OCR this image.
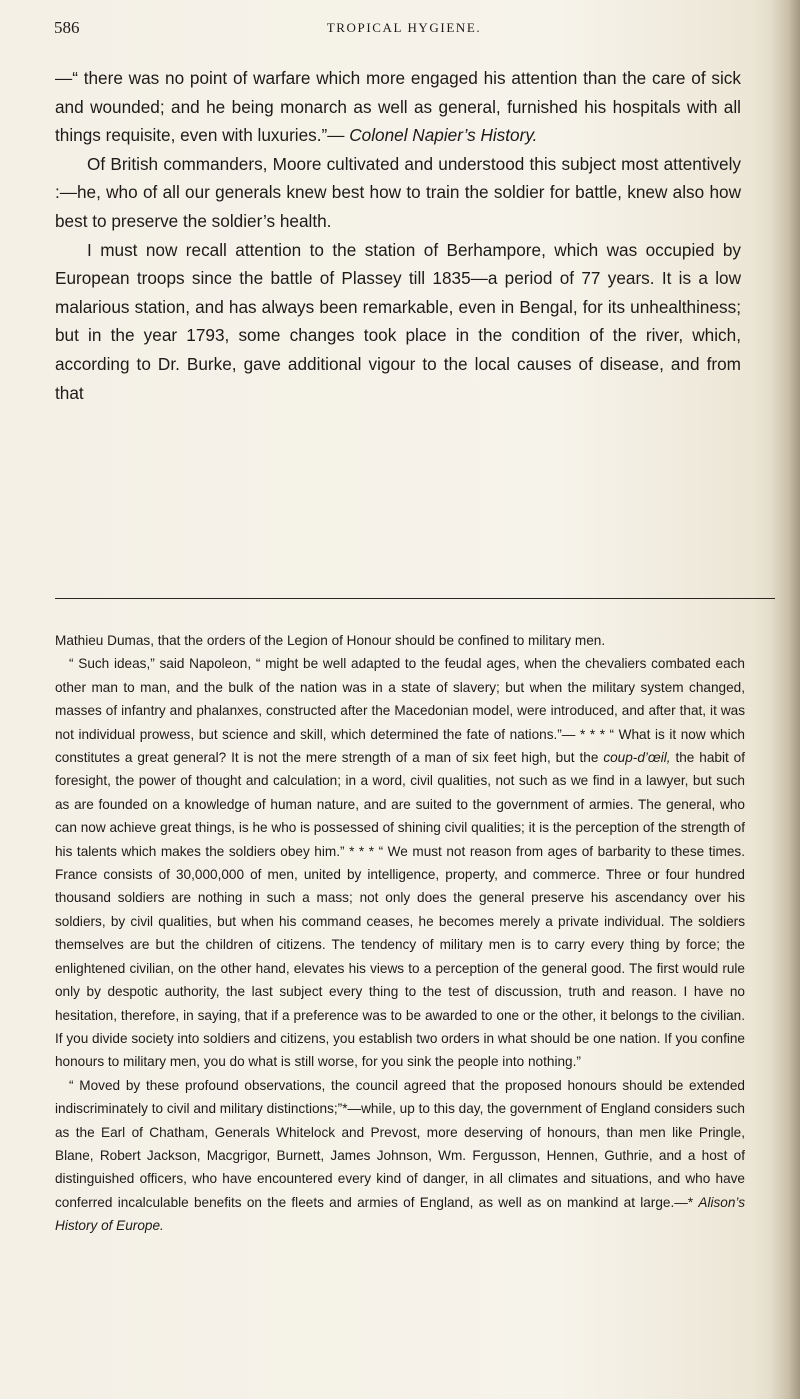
586	TROPICAL HYGIENE.

—“ there was no point of warfare which more engaged his attention than the care of sick and wounded; and he being monarch as well as general, furnished his hospitals with all things requisite, even with luxuries.”— Colonel Napier’s History.

Of British commanders, Moore cultivated and understood this subject most attentively :—he, who of all our generals knew best how to train the soldier for battle, knew also how best to preserve the soldier’s health.

I must now recall attention to the station of Berhampore, which was occupied by European troops since the battle of Plassey till 1835—a period of 77 years. It is a low malarious station, and has always been remarkable, even in Bengal, for its unhealthiness; but in the year 1793, some changes took place in the condition of the river, which, according to Dr. Burke, gave additional vigour to the local causes of disease, and from that

Mathieu Dumas, that the orders of the Legion of Honour should be confined to military men.

“ Such ideas,” said Napoleon, “ might be well adapted to the feudal ages, when the chevaliers combated each other man to man, and the bulk of the nation was in a state of slavery; but when the military system changed, masses of infantry and phalanxes, constructed after the Macedonian model, were introduced, and after that, it was not individual prowess, but science and skill, which determined the fate of nations.”— * * * “ What is it now which constitutes a great general? It is not the mere strength of a man of six feet high, but the coup-d’œil, the habit of foresight, the power of thought and calculation; in a word, civil qualities, not such as we find in a lawyer, but such as are founded on a knowledge of human nature, and are suited to the government of armies. The general, who can now achieve great things, is he who is possessed of shining civil qualities; it is the perception of the strength of his talents which makes the soldiers obey him.” * * * “ We must not reason from ages of barbarity to these times. France consists of 30,000,000 of men, united by intelligence, property, and commerce. Three or four hundred thousand soldiers are nothing in such a mass; not only does the general preserve his ascendancy over his soldiers, by civil qualities, but when his command ceases, he becomes merely a private individual. The soldiers themselves are but the children of citizens. The tendency of military men is to carry every thing by force; the enlightened civilian, on the other hand, elevates his views to a perception of the general good. The first would rule only by despotic authority, the last subject every thing to the test of discussion, truth and reason. I have no hesitation, therefore, in saying, that if a preference was to be awarded to one or the other, it belongs to the civilian. If you divide society into soldiers and citizens, you establish two orders in what should be one nation. If you confine honours to military men, you do what is still worse, for you sink the people into nothing.”

“ Moved by these profound observations, the council agreed that the proposed honours should be extended indiscriminately to civil and military distinctions;”*—while, up to this day, the government of England considers such as the Earl of Chatham, Generals Whitelock and Prevost, more deserving of honours, than men like Pringle, Blane, Robert Jackson, Macgrigor, Burnett, James Johnson, Wm. Fergusson, Hennen, Guthrie, and a host of distinguished officers, who have encountered every kind of danger, in all climates and situations, and who have conferred incalculable benefits on the fleets and armies of England, as well as on mankind at large.—* Alison’s History of Europe.
